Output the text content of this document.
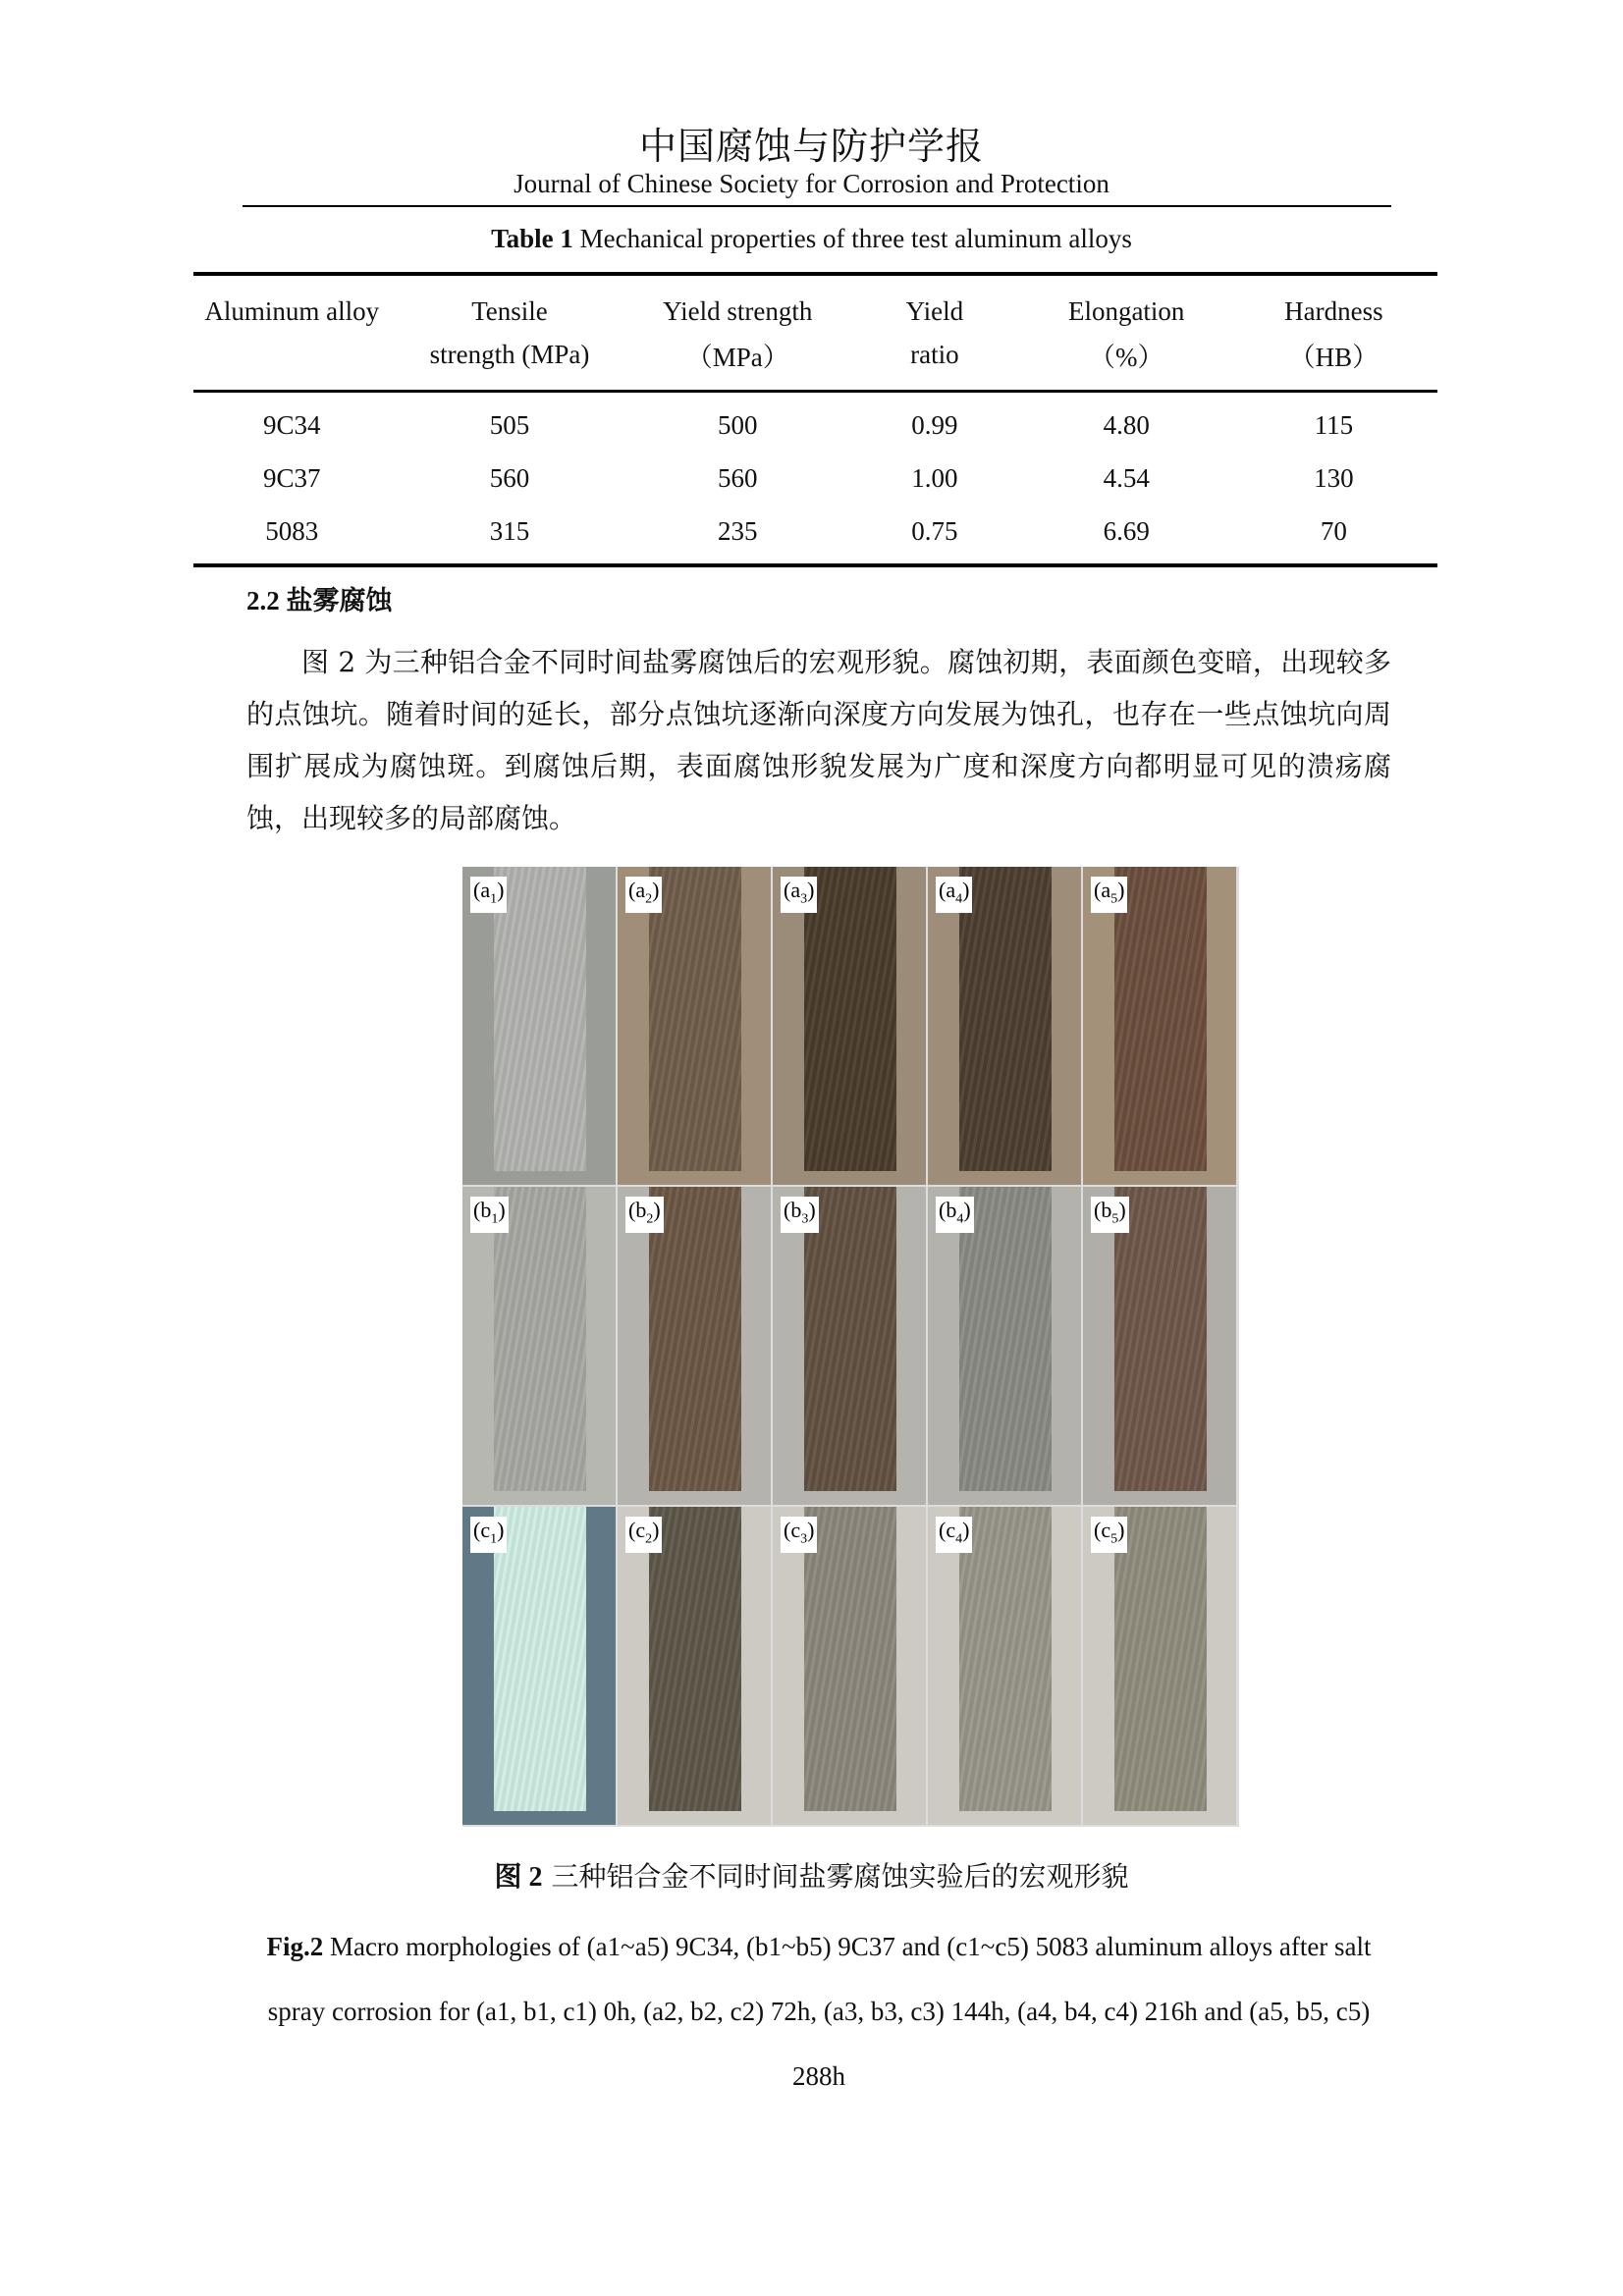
中国腐蚀与防护学报
Journal of Chinese Society for Corrosion and Protection
Table 1 Mechanical properties of three test aluminum alloys
Aluminum alloy	Tensile	Yield strength	Yield	Elongation	Hardness
	strength (MPa)	（MPa）	ratio	（%）	（HB）
9C34	505	500	0.99	4.80	115
9C37	560	560	1.00	4.54	130
5083	315	235	0.75	6.69	70
2.2 盐雾腐蚀
图 2 为三种铝合金不同时间盐雾腐蚀后的宏观形貌。腐蚀初期，表面颜色变暗，出现较多的点蚀坑。随着时间的延长，部分点蚀坑逐渐向深度方向发展为蚀孔，也存在一些点蚀坑向周围扩展成为腐蚀斑。到腐蚀后期，表面腐蚀形貌发展为广度和深度方向都明显可见的溃疡腐蚀，出现较多的局部腐蚀。
$(a_1)$	$(a_2)$	$(a_3)$	$(a_4)$	$(a_5)$
$(b_1)$	$(b_2)$	$(b_3)$	$(b_4)$	$(b_5)$
$(c_1)$	$(c_2)$	$(c_3)$	$(c_4)$	$(c_5)$
图 2 三种铝合金不同时间盐雾腐蚀实验后的宏观形貌
Fig.2 Macro morphologies of (a1~a5) 9C34, (b1~b5) 9C37 and (c1~c5) 5083 aluminum alloys after salt spray corrosion for (a1, b1, c1) 0h, (a2, b2, c2) 72h, (a3, b3, c3) 144h, (a4, b4, c4) 216h and (a5, b5, c5) 288h
